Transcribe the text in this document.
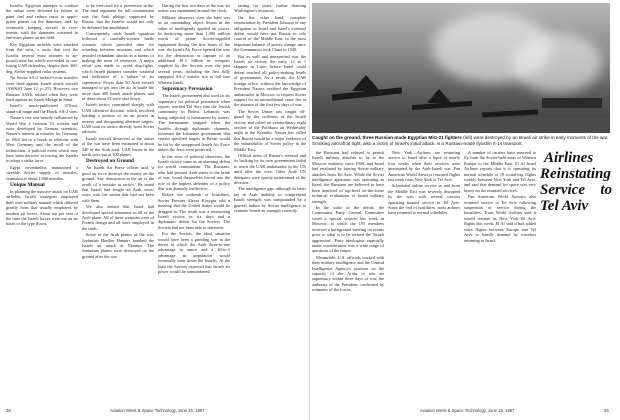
Israelis, Egyptian attempts to confuse the radars were defeated by failure to paint fuel and reduce razor to appro-priate planes on the dummies, and by eventually keeping aircraft in reve-tments, with the dummies scattered in ene-mies planes on the field.

Key Egyptian airfields were attacked from the west, a tactic that cost the Israelis several extra minutes to ap-proach time but which succeeded in con-fusing UAR defenders, despite their 360-deg. Soviet-supplied radar systems.

No Soviet SA-2 surface-to-air missiles were fired against Israeli attack aircraft (AW&ST June 12, p. 25). However, two Russian SAMs missed when they were fired against an Israeli Mirage in Sinai.

Israel's much-publicized 370-mi. stand-off range and the Hawk, SA-2 sites.

Nasser's rise was heavily influenced by World War 2 German V2 rockets and were developed by German scientists. Nasser's interest in missiles for Germany in 1963 led to a break in relations with West Germany and the recall of the technicians, a political event which may have been decisive in forcing the Israelis to adopt a strike force.

Egypt nevertheless maintained a sizeable Soviet supply of missiles, estimated at about 1,800 missiles.

Unique Manual

In planning the massive attack on UAR airfields, Israeli strategists employed their own military manual which differed greatly from that usually employed by modern air forces. About ten per cent of the time the Israeli forces were out on air bases of the type flown.

to be exercised for a preventive strike. The final argument for full commitment was the Arab pledge, supported by Russia, that the Israelis would not only be defeated but annihilated.

Consequently, each Israeli squadron followed a carefully-written battle scenario which provided time for refueling between missions and which avoided redundant attacks as a means of making the most of resources. A major effort was made to avoid dog-fights, which Israeli planners consider wasteful and indicative of a failure of air supremacy. Fewer than 50 Arab aircraft managed to get into the air in battle the more than 400 Israeli attack planes, and of these about 32 were shot down.

Israeli tactics contrasted sharply with UAR offensive doctrine, which involved holding a portion of its air power in reserve and designating alternate targets. UAR took its tactics directly from Soviet advisers.

Israeli aircraft destroyed at the outset of the war have been estimated at about 240 of the Arab total. UAR losses in the north were put at 100 planes.

Destroyed on Ground

An Israeli Air Force officer said, 'a good air force destroys the enemy on the ground. Any destruction in the air is the result of a mistake in tactics.' He noted that Israeli had fought an Arab cross-ways with the nation that had not been with them.

We also denied that Israel had developed special armament in all of the Arab plane. All of these weapons were of French design and all were employed in the raids.

Some of the Arab planes of the war, Jordanian Hawker Hunters bombed the Israeli air attack at Netanya. The Jordanian planes were destroyed on the ground after the war.

During the first two days of the war, air action was maintained around the clock.

Military observers view the brief war as an outstanding object lesson in the value of intelligently applied air power. In destroying more than 1,000 million worth of prime Soviet-supplied equipment during the first hours of the war, the Israeli Air Force opened the way for the destruction or capture of an additional $1.5 billion in weapons supplied by the Soviets over the past several years, including the first fully equipped SA-2 missile site to fall into Western hands.

Supremacy Persuasion

The Israeli government also used its air supremacy for political persuasion when reports reached Tel Aviv that the Jewish community in Beirut, Lebanon, was being subjected to harassment by rioters. The harassment stopped when the Israelis, through diplomatic channels, informed the Lebanese government that certain specified targets in Beirut would be hit by the unopposed Israeli Air Force unless the Jews were protected.

In the view of political observers, the Israeli victory came as an alarming defeat for world communism. The Russians, who had pressed Arab states to the brink of war, found themselves forced into the role of the hapless defender of a policy that was dismally ineffective.

Before the outbreak of hostilities, Soviet Premier Alexei Kosygin told a meeting that the United States would be dragged in. The result was a resounding Israeli victory in six days and a diplomatic defeat for the Soviets. The Soviets had not been able to intervene.

For the Soviets, the ideal situation would have been a grinding war in the desert in which the Arab three-to-one advantage in armor and a 40-to-1 advantage in population would eventually wear down the Israelis. At the least the Soviets expected that Israeli air power would be outnumbered.

lasting for years, further draining Washington's resources.

On the other hand, complete renunciation by President Johnson of any obligation to Israel and Israel's eventual defeat would have put Russia in sole control of the Middle East, in the most important balance of power change since the Communists took China in 1949.

But as well and unexpected was the Israeli air victory the early, 12 to 1 skipped in Cairo before Israel could defeat reached all policy-making levels of government. As a result, the UAR foreign office, without the knowledge of President Nasser, notified the Egyptian ambassador in Moscow to request Soviet support for an unconditional cease fire in the absence of the first few days of war.

The Soviet Union was caught off-guard by the swiftness of the Israeli victory and called an extraordinary night session of the Politburo on Wednesday night in the Kremlin. Nasser has called this Russia would be a major evidence of the vulnerability of Soviet policy in the Middle East.

Official news of Russia's reversal and its backing by its own government failed to reach the UAR ambassador to the UN until after the vote. Other Arab UN delegates were openly uninformed of the decision.

The intelligence gap, although its basis lay in Arab inability to comprehend Israeli strength, was compounded by a general failure by Soviet intelligence to estimate Israeli air strength correctly.

Caught on the ground, three Russian-made Egyptian MiG-21 fighters (left) were destroyed by an Israeli air strike in early moments of the war. Smoking aircraft at right, also a victim of Israel's initial attack, is a Russian-made Ilyushin Il-14 transport.

the Russians had refused to permit Israeli military attaches to be at the Moscow embassy since 1949, and Israel had retaliated by barring Soviet military attaches from Tel Aviv. While the Soviet intelligence apparatus was operating in Israel, the Russians are believed to have been deprived of top-level on-the-scene technical evaluations of Israeli military strength.

In the wake of the defeat, the Communist Party Central Committee voted a special session last week in Moscow, at which the 195 members received a background briefing on events prior to what is to be termed the 'Israeli aggression'. Party ideologists especially under consideration was a wide range of questions of the future.

Meanwhile, U.S. officials worked with their military intelligence and the Central Intelligence Agency's position on the capacity of the Arabs to win air supremacy within three days of war, the authority of the President, confirmed by estimates of the forces.

New York—Airlines are resuming service to Israel after a lapse of nearly four weeks when their services were interrupted by the Arab-Israeli war. Pan American World Airways resumed flights last week from New York to Tel Aviv.

Scheduled airline service to and from the Middle East was severely disrupted by the war, with several carriers operating limited service to Tel Aviv. Since the end of hostilities, most airlines have returned to normal schedules.

A number of carriers have returned to fly from the Soviet-held areas of Western Europe to the Middle East. El Al Israel Airlines reports that it is operating its normal schedule of 10 round-trip flights weekly between New York and Tel Aviv, and said that demand for space was very heavy on the resumed services.

Pan American World Airways also resumed service to Tel Aviv following suspension of service during the hostilities. Trans World Airlines said it would resume its New York-Tel Aviv flights this week. El Al said it had added extra flights between Europe and Tel Aviv to handle demand by travelers returning to Israel.

Airlines Reinstating Service to Tel Aviv

38	Aviation Week & Space Technology, June 19, 1967	Aviation Week & Space Technology, June 19, 1967	39
